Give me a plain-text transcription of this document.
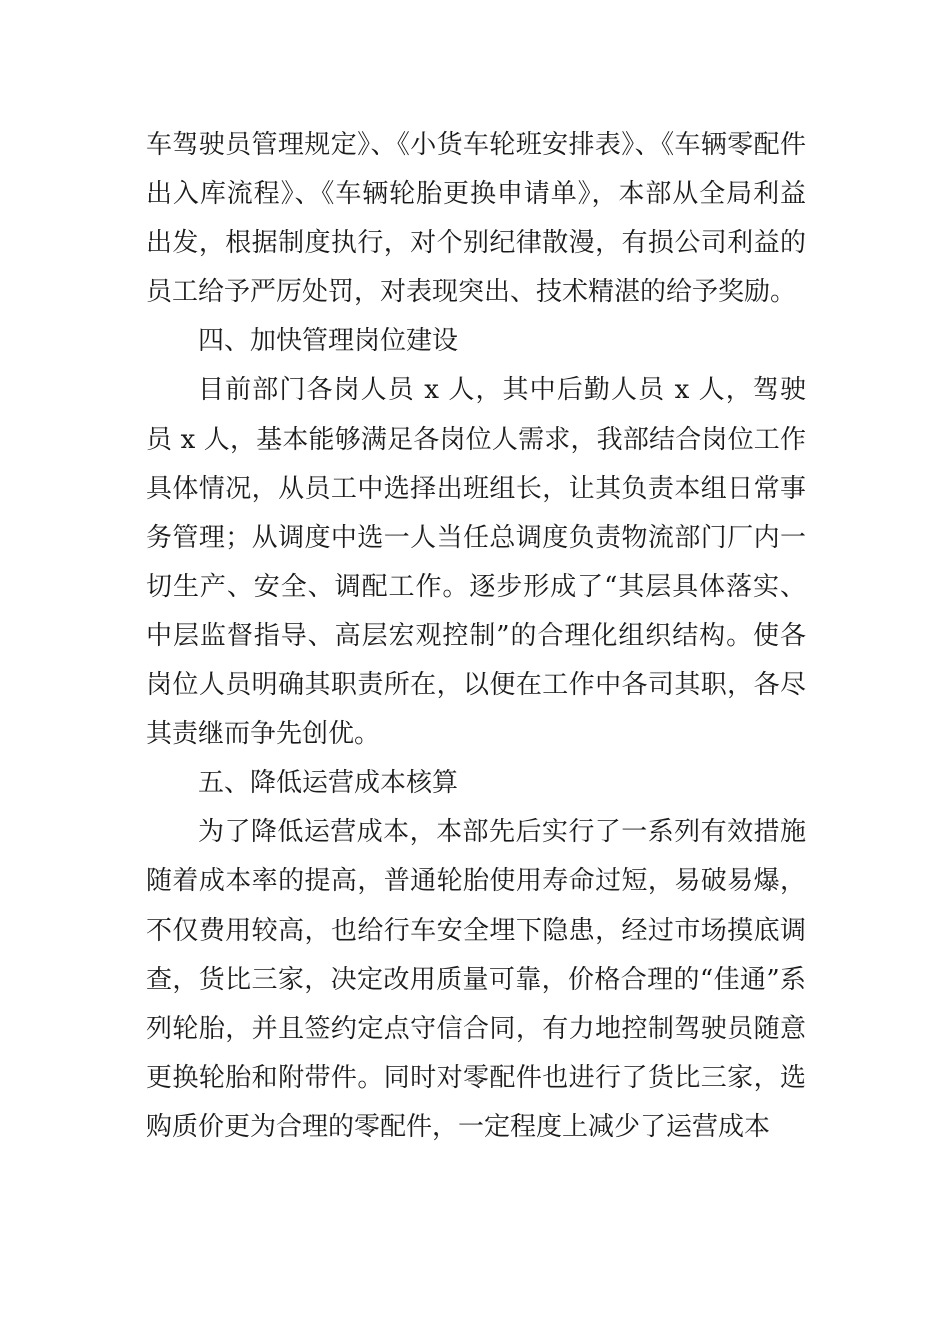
车驾驶员管理规定》、《小货车轮班安排表》、《车辆零配件出入库流程》、《车辆轮胎更换申请单》，本部从全局利益出发，根据制度执行，对个别纪律散漫，有损公司利益的员工给予严厉处罚，对表现突出、技术精湛的给予奖励。

四、加快管理岗位建设

目前部门各岗人员 x 人，其中后勤人员 x 人，驾驶员 x 人，基本能够满足各岗位人需求，我部结合岗位工作具体情况，从员工中选择出班组长，让其负责本组日常事务管理；从调度中选一人当任总调度负责物流部门厂内一切生产、安全、调配工作。逐步形成了“其层具体落实、中层监督指导、高层宏观控制”的合理化组织结构。使各岗位人员明确其职责所在，以便在工作中各司其职，各尽其责继而争先创优。

五、降低运营成本核算

为了降低运营成本，本部先后实行了一系列有效措施随着成本率的提高，普通轮胎使用寿命过短，易破易爆，不仅费用较高，也给行车安全埋下隐患，经过市场摸底调查，货比三家，决定改用质量可靠，价格合理的“佳通”系列轮胎，并且签约定点守信合同，有力地控制驾驶员随意更换轮胎和附带件。同时对零配件也进行了货比三家，选购质价更为合理的零配件，一定程度上减少了运营成本
